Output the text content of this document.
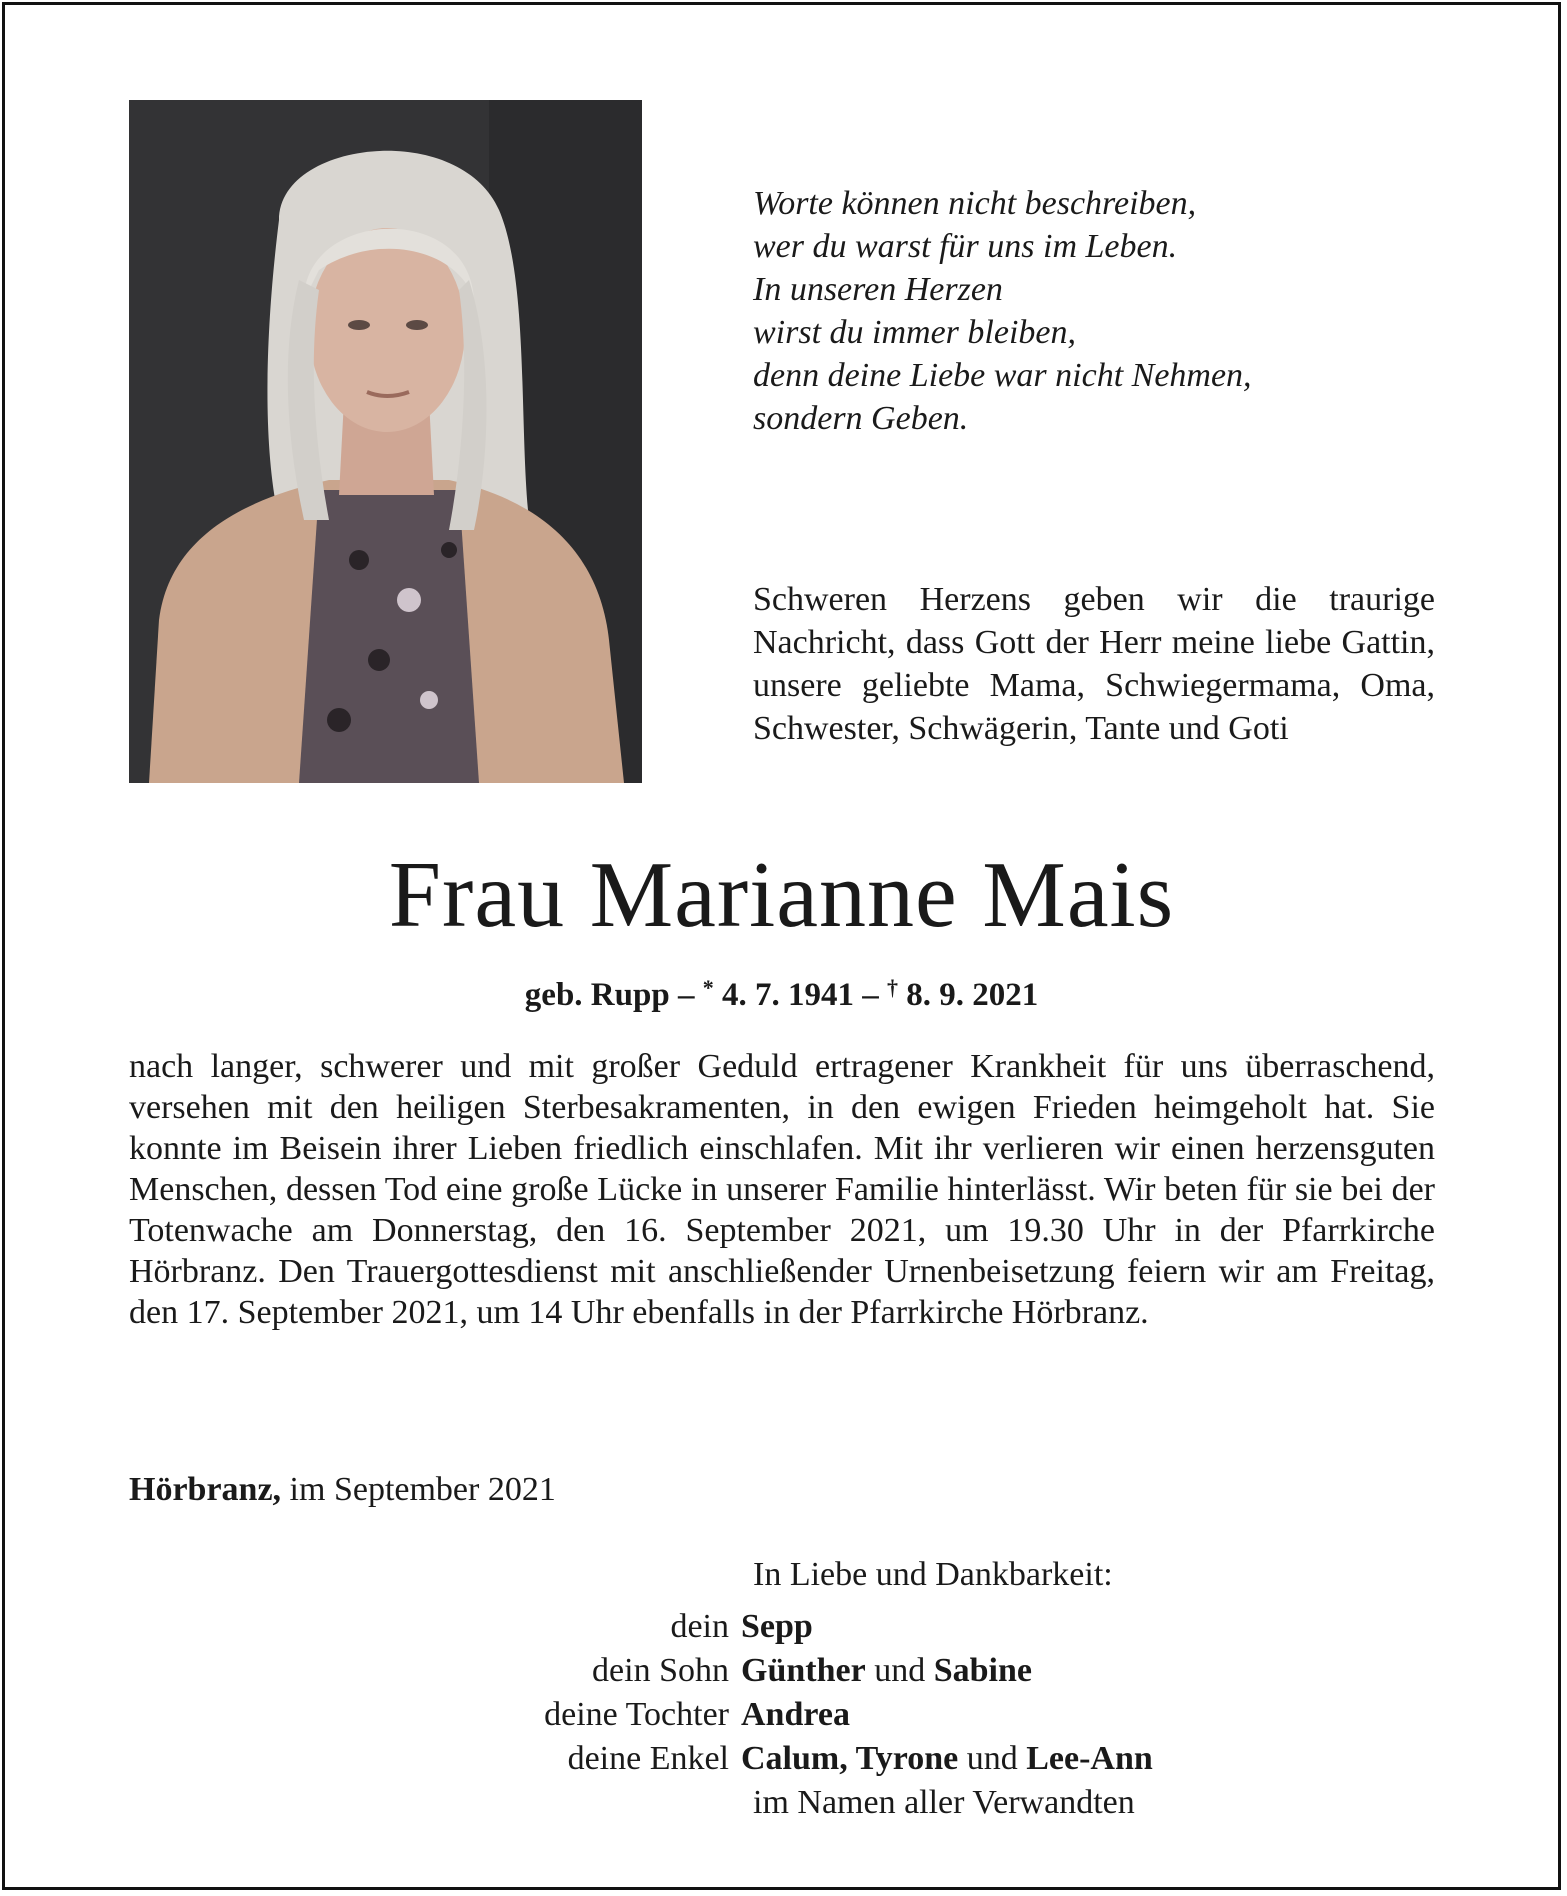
Worte können nicht beschreiben,
wer du warst für uns im Leben.
In unseren Herzen
wirst du immer bleiben,
denn deine Liebe war nicht Nehmen,
sondern Geben.

Schweren Herzens geben wir die traurige Nachricht, dass Gott der Herr meine liebe Gattin, unsere geliebte Mama, Schwiegermama, Oma, Schwester, Schwägerin, Tante und Goti

Frau Marianne Mais

geb. Rupp – * 4. 7. 1941 – † 8. 9. 2021

nach langer, schwerer und mit großer Geduld ertragener Krankheit für uns überraschend, versehen mit den heiligen Sterbesakramenten, in den ewigen Frieden heimgeholt hat. Sie konnte im Beisein ihrer Lieben friedlich einschlafen. Mit ihr verlieren wir einen herzensguten Menschen, dessen Tod eine große Lücke in unserer Familie hinterlässt. Wir beten für sie bei der Totenwache am Donnerstag, den 16. September 2021, um 19.30 Uhr in der Pfarrkirche Hörbranz. Den Trauergottesdienst mit anschließender Urnenbeisetzung feiern wir am Freitag, den 17. September 2021, um 14 Uhr ebenfalls in der Pfarrkirche Hörbranz.

Hörbranz, im September 2021

In Liebe und Dankbarkeit:

dein Sepp
dein Sohn Günther und Sabine
deine Tochter Andrea
deine Enkel Calum, Tyrone und Lee-Ann

im Namen aller Verwandten
